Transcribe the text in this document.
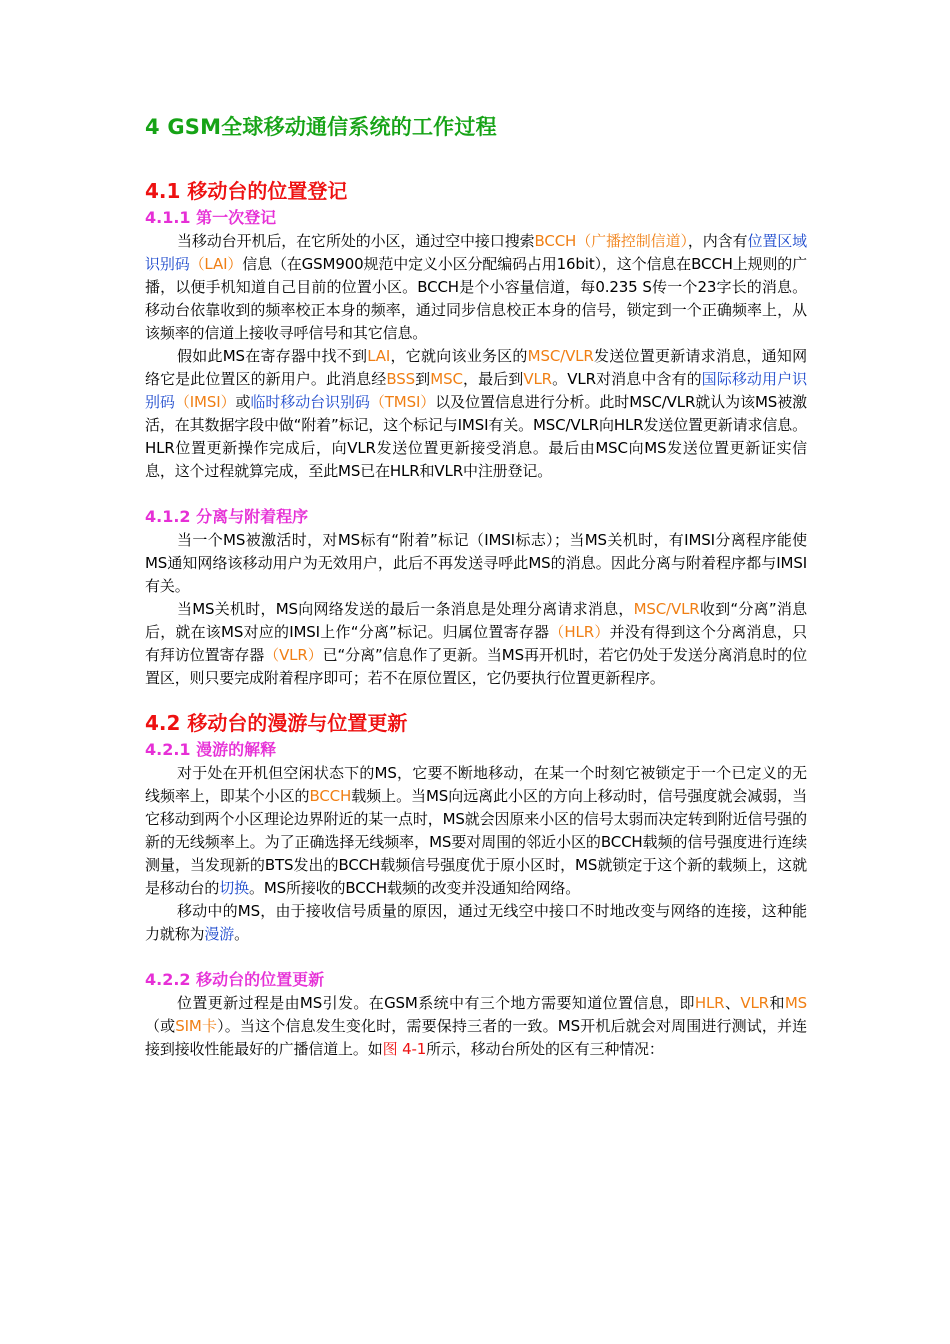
4 GSM全球移动通信系统的工作过程
4.1 移动台的位置登记
4.1.1 第一次登记

当移动台开机后，在它所处的小区，通过空中接口搜索BCCH（广播控制信道），内含有位置区域识别码（LAI）信息（在GSM900规范中定义小区分配编码占用16bit），这个信息在BCCH上规则的广播，以便手机知道自己目前的位置小区。BCCH是个小容量信道，每0.235 S传一个23字长的消息。移动台依靠收到的频率校正本身的频率，通过同步信息校正本身的信号，锁定到一个正确频率上，从该频率的信道上接收寻呼信号和其它信息。

假如此MS在寄存器中找不到LAI，它就向该业务区的MSC/VLR发送位置更新请求消息，通知网络它是此位置区的新用户。此消息经BSS到MSC，最后到VLR。VLR对消息中含有的国际移动用户识别码（IMSI）或临时移动台识别码（TMSI）以及位置信息进行分析。此时MSC/VLR就认为该MS被激活，在其数据字段中做“附着”标记，这个标记与IMSI有关。MSC/VLR向HLR发送位置更新请求信息。HLR位置更新操作完成后，向VLR发送位置更新接受消息。最后由MSC向MS发送位置更新证实信息，这个过程就算完成，至此MS已在HLR和VLR中注册登记。

4.1.2 分离与附着程序

当一个MS被激活时，对MS标有“附着”标记（IMSI标志）；当MS关机时，有IMSI分离程序能使MS通知网络该移动用户为无效用户，此后不再发送寻呼此MS的消息。因此分离与附着程序都与IMSI有关。

当MS关机时，MS向网络发送的最后一条消息是处理分离请求消息，MSC/VLR收到“分离”消息后，就在该MS对应的IMSI上作“分离”标记。归属位置寄存器（HLR）并没有得到这个分离消息，只有拜访位置寄存器（VLR）已“分离”信息作了更新。当MS再开机时，若它仍处于发送分离消息时的位置区，则只要完成附着程序即可；若不在原位置区，它仍要执行位置更新程序。

4.2 移动台的漫游与位置更新
4.2.1 漫游的解释

对于处在开机但空闲状态下的MS，它要不断地移动，在某一个时刻它被锁定于一个已定义的无线频率上，即某个小区的BCCH载频上。当MS向远离此小区的方向上移动时，信号强度就会减弱，当它移动到两个小区理论边界附近的某一点时，MS就会因原来小区的信号太弱而决定转到附近信号强的新的无线频率上。为了正确选择无线频率，MS要对周围的邻近小区的BCCH载频的信号强度进行连续测量，当发现新的BTS发出的BCCH载频信号强度优于原小区时，MS就锁定于这个新的载频上，这就是移动台的切换。MS所接收的BCCH载频的改变并没通知给网络。

移动中的MS，由于接收信号质量的原因，通过无线空中接口不时地改变与网络的连接，这种能力就称为漫游。

4.2.2 移动台的位置更新

位置更新过程是由MS引发。在GSM系统中有三个地方需要知道位置信息，即HLR、VLR和MS（或SIM卡）。当这个信息发生变化时，需要保持三者的一致。MS开机后就会对周围进行测试，并连接到接收性能最好的广播信道上。如图 4-1所示，移动台所处的区有三种情况：
